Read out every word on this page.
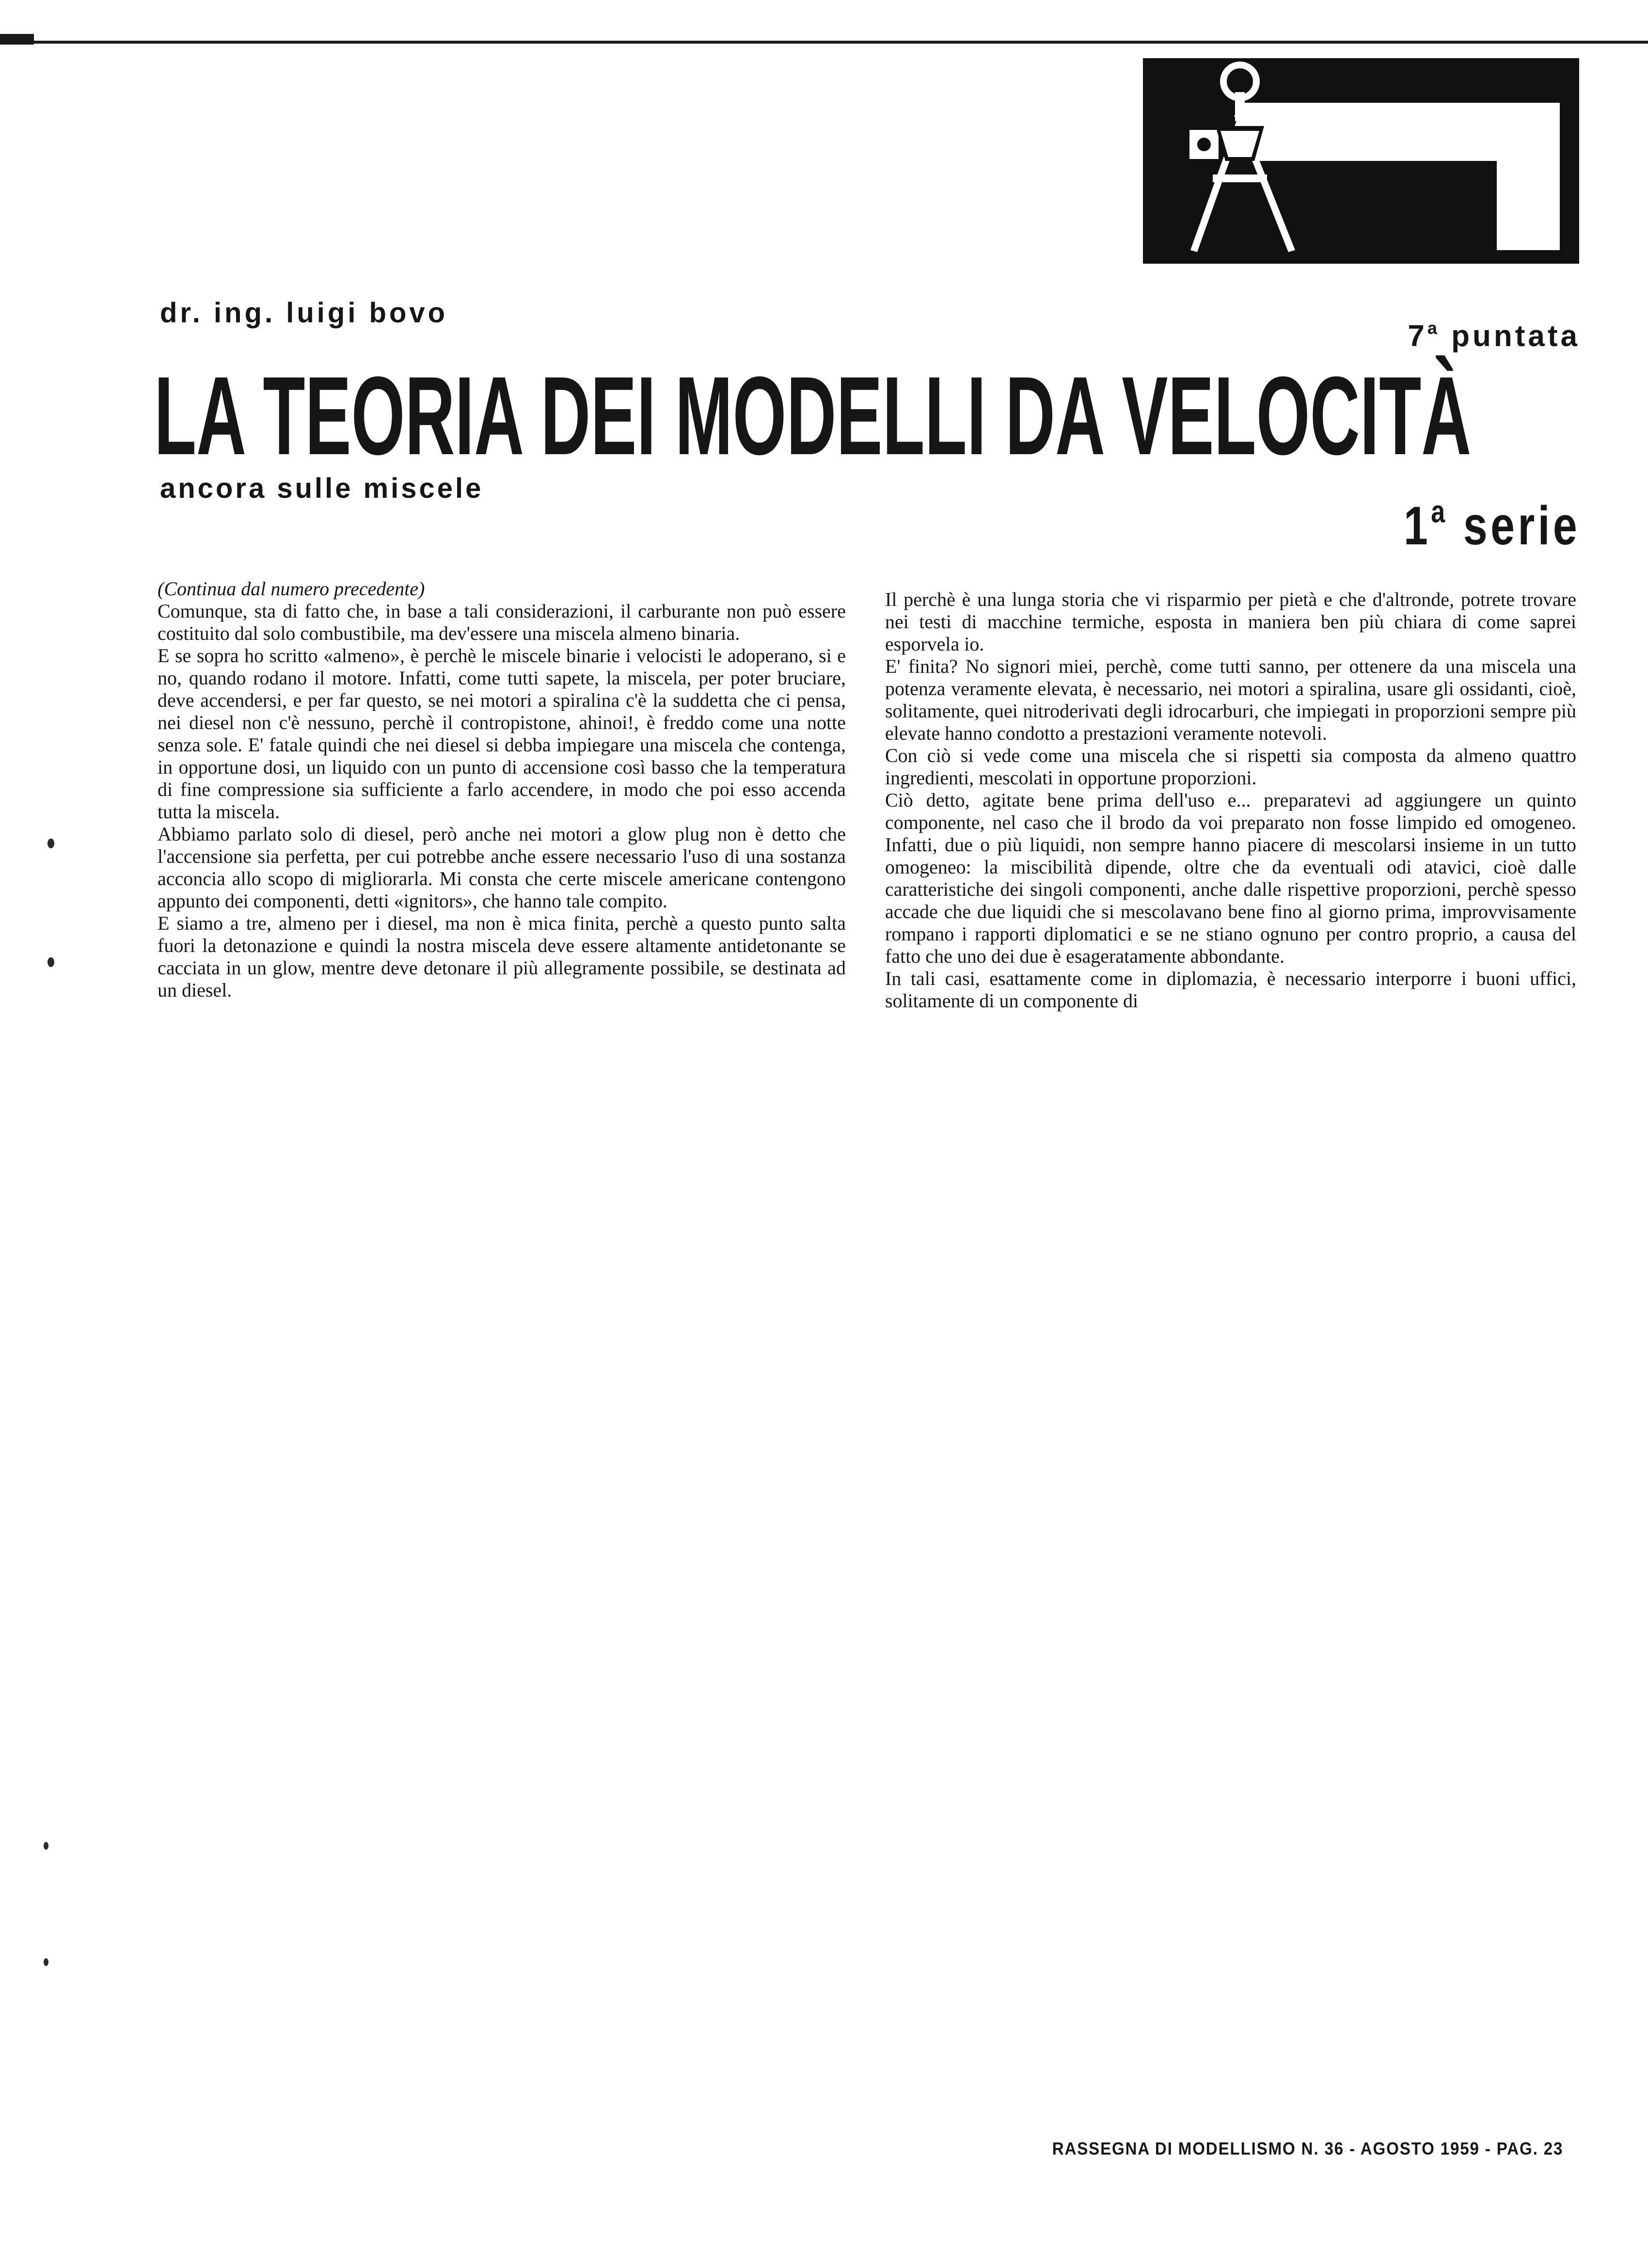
dr. ing. luigi bovo
7$^a$ puntata
LA TEORIA DEI MODELLI DA VELOCITÀ
ancora sulle miscele
1$^a$ serie

(Continua dal numero precedente)

Comunque, sta di fatto che, in base a tali considerazioni, il carburante non può essere costituito dal solo combustibile, ma dev'essere una miscela almeno binaria.

E se sopra ho scritto «almeno», è perchè le miscele binarie i velocisti le adoperano, si e no, quando rodano il motore. Infatti, come tutti sapete, la miscela, per poter bruciare, deve accendersi, e per far questo, se nei motori a spiralina c'è la suddetta che ci pensa, nei diesel non c'è nessuno, perchè il contropistone, ahinoi!, è freddo come una notte senza sole. E' fatale quindi che nei diesel si debba impiegare una miscela che contenga, in opportune dosi, un liquido con un punto di accensione così basso che la temperatura di fine compressione sia sufficiente a farlo accendere, in modo che poi esso accenda tutta la miscela.

Abbiamo parlato solo di diesel, però anche nei motori a glow plug non è detto che l'accensione sia perfetta, per cui potrebbe anche essere necessario l'uso di una sostanza acconcia allo scopo di migliorarla. Mi consta che certe miscele americane contengono appunto dei componenti, detti «ignitors», che hanno tale compito.

E siamo a tre, almeno per i diesel, ma non è mica finita, perchè a questo punto salta fuori la detonazione e quindi la nostra miscela deve essere altamente antidetonante se cacciata in un glow, mentre deve detonare il più allegramente possibile, se destinata ad un diesel.

Il perchè è una lunga storia che vi risparmio per pietà e che d'altronde, potrete trovare nei testi di macchine termiche, esposta in maniera ben più chiara di come saprei esporvela io.

E' finita? No signori miei, perchè, come tutti sanno, per ottenere da una miscela una potenza veramente elevata, è necessario, nei motori a spiralina, usare gli ossidanti, cioè, solitamente, quei nitroderivati degli idrocarburi, che impiegati in proporzioni sempre più elevate hanno condotto a prestazioni veramente notevoli.

Con ciò si vede come una miscela che si rispetti sia composta da almeno quattro ingredienti, mescolati in opportune proporzioni.

Ciò detto, agitate bene prima dell'uso e... preparatevi ad aggiungere un quinto componente, nel caso che il brodo da voi preparato non fosse limpido ed omogeneo. Infatti, due o più liquidi, non sempre hanno piacere di mescolarsi insieme in un tutto omogeneo: la miscibilità dipende, oltre che da eventuali odi atavici, cioè dalle caratteristiche dei singoli componenti, anche dalle rispettive proporzioni, perchè spesso accade che due liquidi che si mescolavano bene fino al giorno prima, improvvisamente rompano i rapporti diplomatici e se ne stiano ognuno per contro proprio, a causa del fatto che uno dei due è esageratamente abbondante.

In tali casi, esattamente come in diplomazia, è necessario interporre i buoni uffici, solitamente di un componente di

RASSEGNA DI MODELLISMO N. 36 - AGOSTO 1959 - PAG. 23
